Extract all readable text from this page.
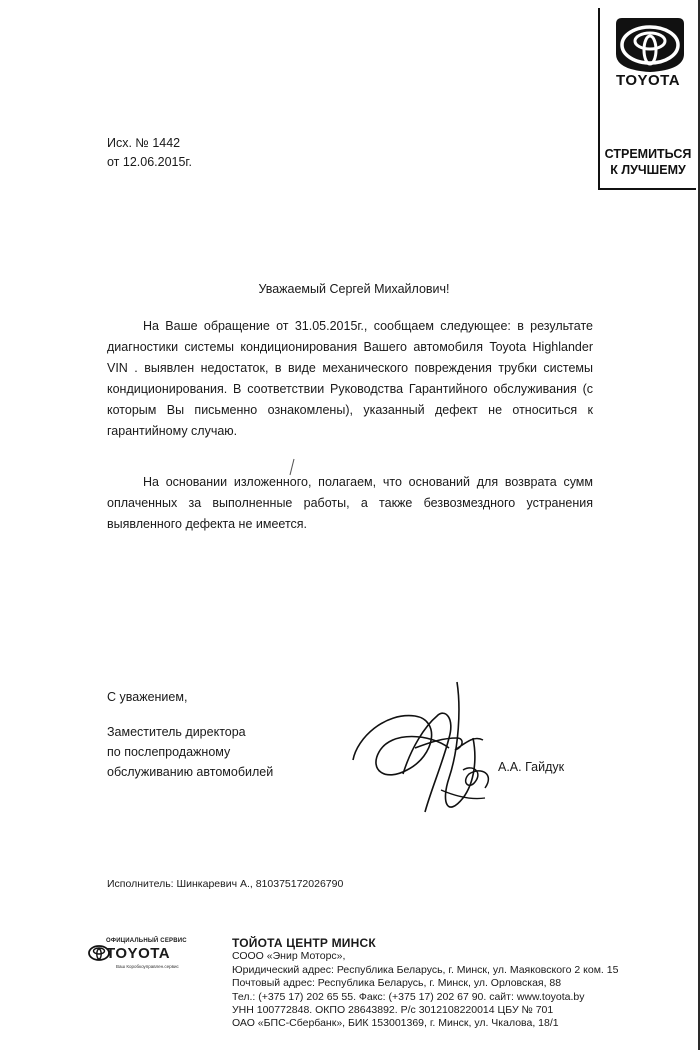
TOYOTA
СТРЕМИТЬСЯ
К ЛУЧШЕМУ
Исх. № 1442
от 12.06.2015г.
Уважаемый Сергей Михайлович!
На Ваше обращение от 31.05.2015г., сообщаем следующее: в результате диагностики системы кондиционирования Вашего автомобиля Toyota Highlander VIN . выявлен недостаток, в виде механического повреждения трубки системы кондиционирования. В соответствии Руководства Гарантийного обслуживания (с которым Вы письменно ознакомлены), указанный дефект не относиться к гарантийному случаю.
На основании изложенного, полагаем, что оснований для возврата сумм оплаченных за выполненные работы, а также безвозмездного устранения выявленного дефекта не имеется.
С уважением,
Заместитель директора
по послепродажному
обслуживанию автомобилей	А.А. Гайдук
Исполнитель: Шинкаревич А., 810375172026790
ОФИЦИАЛЬНЫЙ СЕРВИС
TOYOTA
Ваш Коробкоуправлен.сервис
ТОЙОТА ЦЕНТР МИНСК
СООО «Энир Моторс»,
Юридический адрес: Республика Беларусь, г. Минск, ул. Маяковского 2 ком. 15
Почтовый адрес: Республика Беларусь, г. Минск, ул. Орловская, 88
Тел.: (+375 17) 202 65 55. Факс: (+375 17) 202 67 90. сайт: www.toyota.by
УНН 100772848. ОКПО 28643892. Р/с 3012108220014 ЦБУ № 701
ОАО «БПС-Сбербанк», БИК 153001369, г. Минск, ул. Чкалова, 18/1
